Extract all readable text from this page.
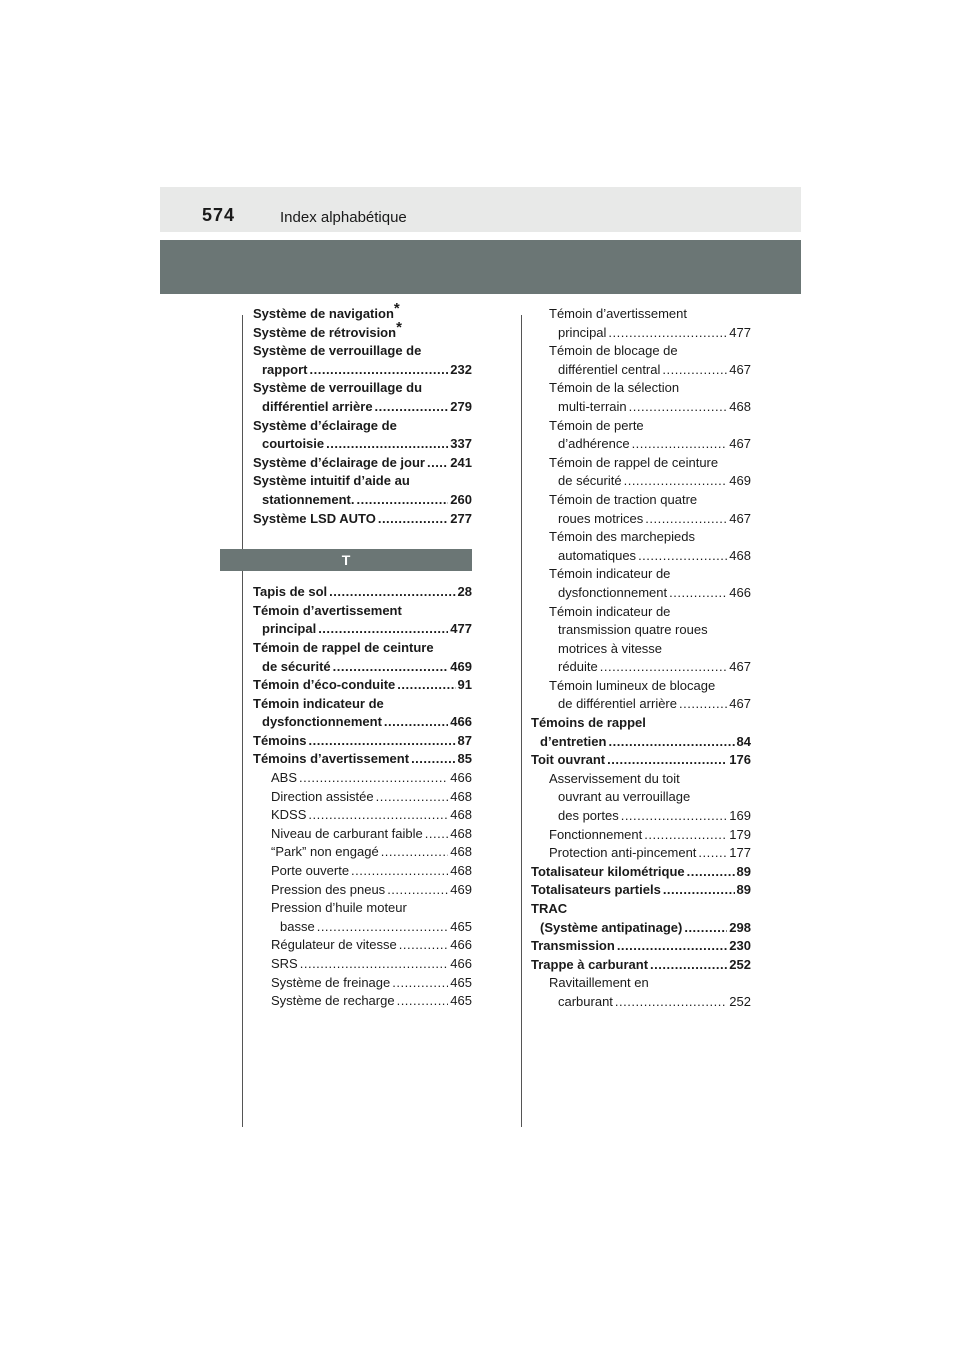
574	Index alphabétique
Système de navigation *
Système de rétrovision *
Système de verrouillage de
rapport .....	232
Système de verrouillage du
différentiel arrière .....	279
Système d’éclairage de
courtoisie .....	337
Système d’éclairage de jour ..... 241
Système intuitif d’aide au
stationnement. .....	260
Système LSD AUTO .....	277
T
Tapis de sol .....	28
Témoin d’avertissement
principal .....	477
Témoin de rappel de ceinture
de sécurité .....	469
Témoin d’éco-conduite .....	91
Témoin indicateur de
dysfonctionnement .....	466
Témoins .....	87
Témoins d’avertissement .....	85
ABS .....	466
Direction assistée .....	468
KDSS .....	468
Niveau de carburant faible ..... 468
“Park” non engagé .....	468
Porte ouverte .....	468
Pression des pneus .....	469
Pression d’huile moteur
basse .....	465
Régulateur de vitesse .....	466
SRS .....	466
Système de freinage .....	465
Système de recharge .....	465
Témoin d’avertissement
principal .....	477
Témoin de blocage de
différentiel central .....	467
Témoin de la sélection
multi-terrain .....	468
Témoin de perte
d’adhérence .....	467
Témoin de rappel de ceinture
de sécurité .....	469
Témoin de traction quatre
roues motrices .....	467
Témoin des marchepieds
automatiques .....	468
Témoin indicateur de
dysfonctionnement .....	466
Témoin indicateur de
transmission quatre roues
motrices à vitesse
réduite .....	467
Témoin lumineux de blocage
de différentiel arrière .....	467
Témoins de rappel
d’entretien .....	84
Toit ouvrant .....	176
Asservissement du toit
ouvrant au verrouillage
des portes .....	169
Fonctionnement .....	179
Protection anti-pincement .....	177
Totalisateur kilométrique .....	89
Totalisateurs partiels .....	89
TRAC
(Système antipatinage) .....	298
Transmission .....	230
Trappe à carburant .....	252
Ravitaillement en
carburant .....	252
